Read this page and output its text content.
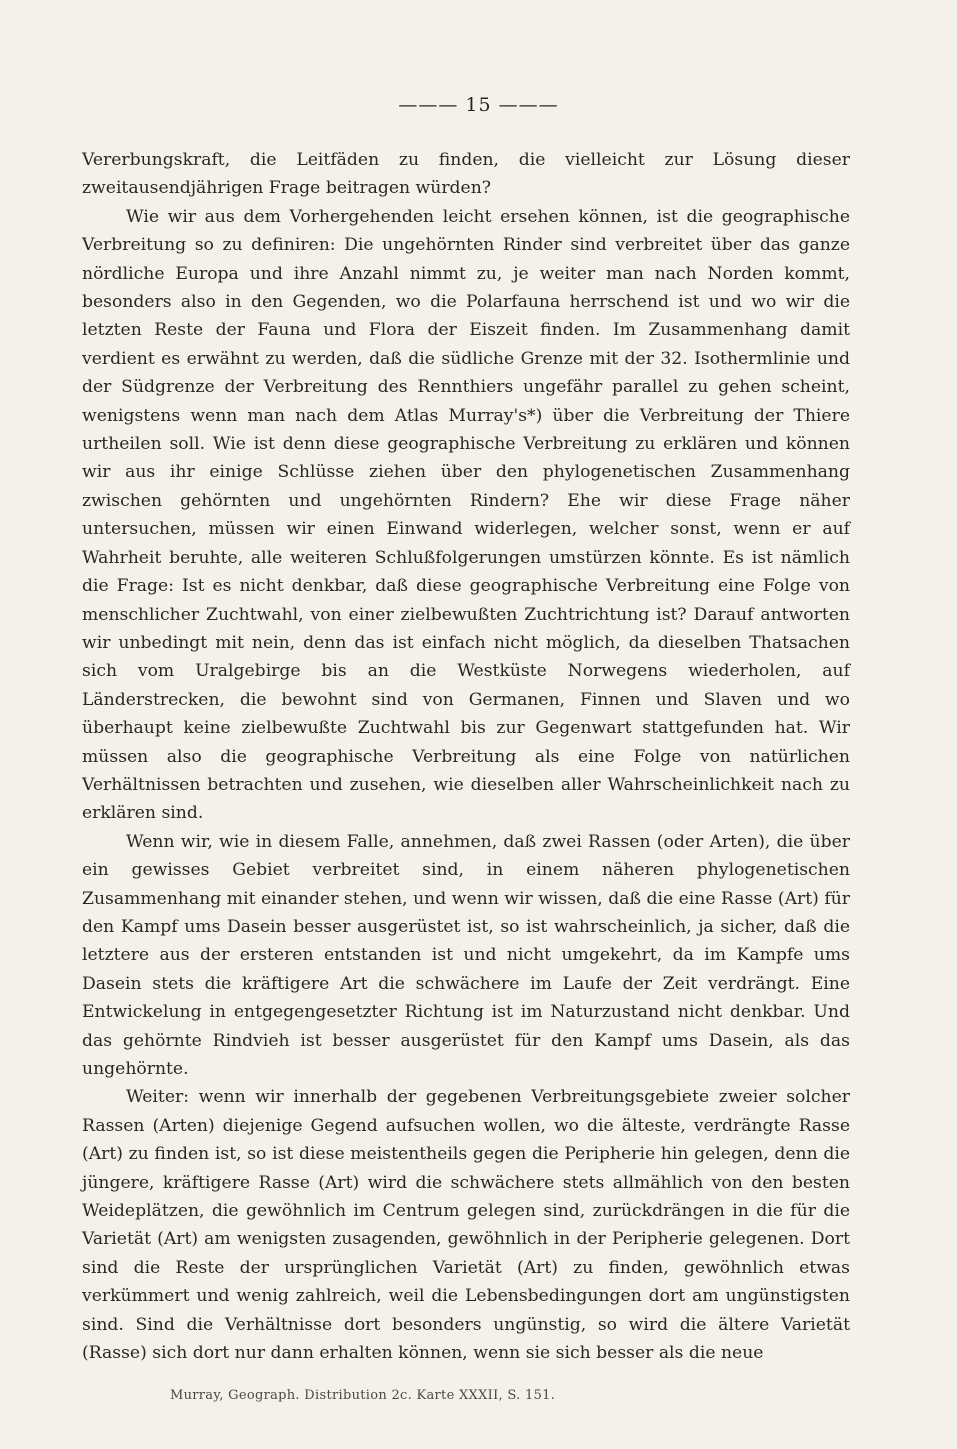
——— 15 ———

Vererbungskraft, die Leitfäden zu finden, die vielleicht zur Lösung dieser zweitausendjährigen Frage beitragen würden?

Wie wir aus dem Vorhergehenden leicht ersehen können, ist die geographische Verbreitung so zu definiren: Die ungehörnten Rinder sind verbreitet über das ganze nördliche Europa und ihre Anzahl nimmt zu, je weiter man nach Norden kommt, besonders also in den Gegenden, wo die Polarfauna herrschend ist und wo wir die letzten Reste der Fauna und Flora der Eiszeit finden. Im Zusammenhang damit verdient es erwähnt zu werden, daß die südliche Grenze mit der 32. Isothermlinie und der Südgrenze der Verbreitung des Rennthiers ungefähr parallel zu gehen scheint, wenigstens wenn man nach dem Atlas Murray's*) über die Verbreitung der Thiere urtheilen soll. Wie ist denn diese geographische Verbreitung zu erklären und können wir aus ihr einige Schlüsse ziehen über den phylogenetischen Zusammenhang zwischen gehörnten und ungehörnten Rindern? Ehe wir diese Frage näher untersuchen, müssen wir einen Einwand widerlegen, welcher sonst, wenn er auf Wahrheit beruhte, alle weiteren Schlußfolgerungen umstürzen könnte. Es ist nämlich die Frage: Ist es nicht denkbar, daß diese geographische Verbreitung eine Folge von menschlicher Zuchtwahl, von einer zielbewußten Zuchtrichtung ist? Darauf antworten wir unbedingt mit nein, denn das ist einfach nicht möglich, da dieselben Thatsachen sich vom Uralgebirge bis an die Westküste Norwegens wiederholen, auf Länderstrecken, die bewohnt sind von Germanen, Finnen und Slaven und wo überhaupt keine zielbewußte Zuchtwahl bis zur Gegenwart stattgefunden hat. Wir müssen also die geographische Verbreitung als eine Folge von natürlichen Verhältnissen betrachten und zusehen, wie dieselben aller Wahrscheinlichkeit nach zu erklären sind.

Wenn wir, wie in diesem Falle, annehmen, daß zwei Rassen (oder Arten), die über ein gewisses Gebiet verbreitet sind, in einem näheren phylogenetischen Zusammenhang mit einander stehen, und wenn wir wissen, daß die eine Rasse (Art) für den Kampf ums Dasein besser ausgerüstet ist, so ist wahrscheinlich, ja sicher, daß die letztere aus der ersteren entstanden ist und nicht umgekehrt, da im Kampfe ums Dasein stets die kräftigere Art die schwächere im Laufe der Zeit verdrängt. Eine Entwickelung in entgegengesetzter Richtung ist im Naturzustand nicht denkbar. Und das gehörnte Rindvieh ist besser ausgerüstet für den Kampf ums Dasein, als das ungehörnte.

Weiter: wenn wir innerhalb der gegebenen Verbreitungsgebiete zweier solcher Rassen (Arten) diejenige Gegend aufsuchen wollen, wo die älteste, verdrängte Rasse (Art) zu finden ist, so ist diese meistentheils gegen die Peripherie hin gelegen, denn die jüngere, kräftigere Rasse (Art) wird die schwächere stets allmählich von den besten Weideplätzen, die gewöhnlich im Centrum gelegen sind, zurückdrängen in die für die Varietät (Art) am wenigsten zusagenden, gewöhnlich in der Peripherie gelegenen. Dort sind die Reste der ursprünglichen Varietät (Art) zu finden, gewöhnlich etwas verkümmert und wenig zahlreich, weil die Lebensbedingungen dort am ungünstigsten sind. Sind die Verhältnisse dort besonders ungünstig, so wird die ältere Varietät (Rasse) sich dort nur dann erhalten können, wenn sie sich besser als die neue

Murray, Geograph. Distribution 2c. Karte XXXII, S. 151.
